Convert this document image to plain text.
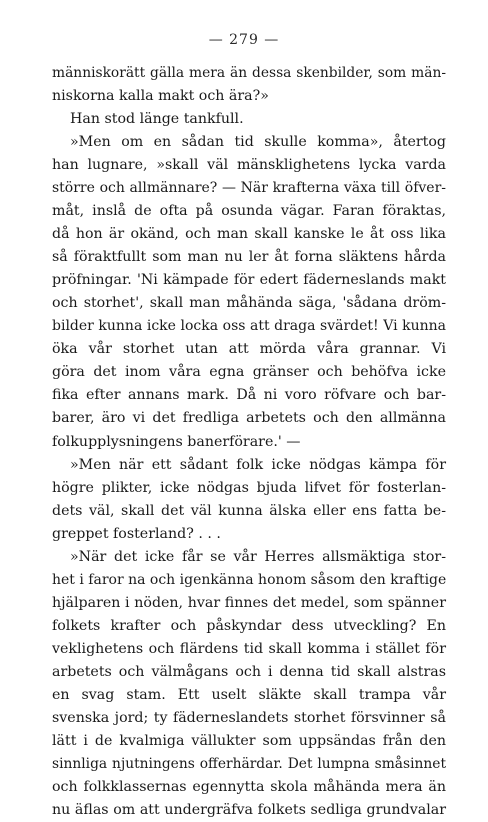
— 279 —
människorätt gälla mera än dessa skenbilder, som män-
niskorna kalla makt och ära?»
Han stod länge tankfull.
»Men om en sådan tid skulle komma», återtog
han lugnare, »skall väl mänsklighetens lycka varda
större och allmännare? — När krafterna växa till öfver-
måt, inslå de ofta på osunda vägar. Faran föraktas,
då hon är okänd, och man skall kanske le åt oss lika
så föraktfullt som man nu ler åt forna släktens hårda
pröfningar. 'Ni kämpade för edert fäderneslands makt
och storhet', skall man måhända säga, 'sådana dröm-
bilder kunna icke locka oss att draga svärdet! Vi kunna
öka vår storhet utan att mörda våra grannar. Vi
göra det inom våra egna gränser och behöfva icke
fika efter annans mark. Då ni voro röfvare och bar-
barer, äro vi det fredliga arbetets och den allmänna
folkupplysningens banerförare.' —
»Men när ett sådant folk icke nödgas kämpa för
högre plikter, icke nödgas bjuda lifvet för fosterlan-
dets väl, skall det väl kunna älska eller ens fatta be-
greppet fosterland? . . .
»När det icke får se vår Herres allsmäktiga stor-
het i faror na och igenkänna honom såsom den kraftige
hjälparen i nöden, hvar finnes det medel, som spänner
folkets krafter och påskyndar dess utveckling? En
veklighetens och flärdens tid skall komma i stället för
arbetets och välmågans och i denna tid skall alstras
en svag stam. Ett uselt släkte skall trampa vår
svenska jord; ty fäderneslandets storhet försvinner så
lätt i de kvalmiga vällukter som uppsändas från den
sinnliga njutningens offerhärdar. Det lumpna småsinnet
och folkklassernas egennytta skola måhända mera än
nu äflas om att undergräfva folkets sedliga grundvalar
